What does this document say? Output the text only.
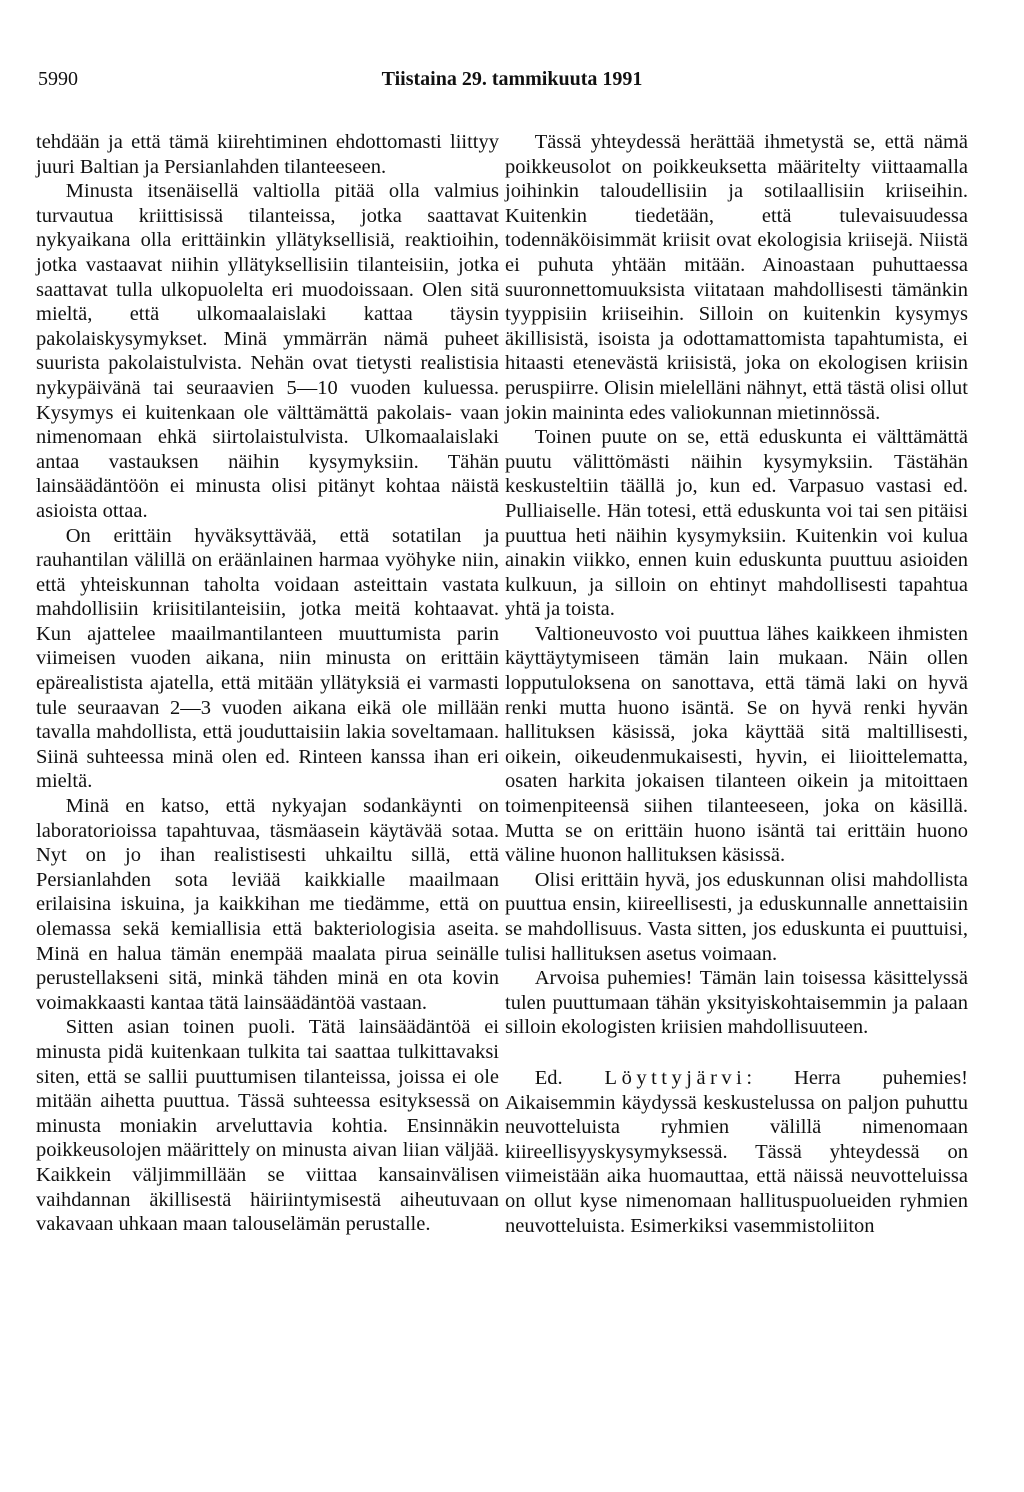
5990	Tiistaina 29. tammikuuta 1991

tehdään ja että tämä kiirehtiminen ehdottomasti liittyy juuri Baltian ja Persianlahden tilanteeseen.

Minusta itsenäisellä valtiolla pitää olla valmius turvautua kriittisissä tilanteissa, jotka saattavat nykyaikana olla erittäinkin yllätyksellisiä, reaktioihin, jotka vastaavat niihin yllätyksellisiin tilanteisiin, jotka saattavat tulla ulkopuolelta eri muodoissaan. Olen sitä mieltä, että ulkomaalaislaki kattaa täysin pakolaiskysymykset. Minä ymmärrän nämä puheet suurista pakolaistulvista. Nehän ovat tietysti realistisia nykypäivänä tai seuraavien 5—10 vuoden kuluessa. Kysymys ei kuitenkaan ole välttämättä pakolais- vaan nimenomaan ehkä siirtolaistulvista. Ulkomaalaislaki antaa vastauksen näihin kysymyksiin. Tähän lainsäädäntöön ei minusta olisi pitänyt kohtaa näistä asioista ottaa.

On erittäin hyväksyttävää, että sotatilan ja rauhantilan välillä on eräänlainen harmaa vyöhyke niin, että yhteiskunnan taholta voidaan asteittain vastata mahdollisiin kriisitilanteisiin, jotka meitä kohtaavat. Kun ajattelee maailmantilanteen muuttumista parin viimeisen vuoden aikana, niin minusta on erittäin epärealistista ajatella, että mitään yllätyksiä ei varmasti tule seuraavan 2—3 vuoden aikana eikä ole millään tavalla mahdollista, että jouduttaisiin lakia soveltamaan. Siinä suhteessa minä olen ed. Rinteen kanssa ihan eri mieltä.

Minä en katso, että nykyajan sodankäynti on laboratorioissa tapahtuvaa, täsmäasein käytävää sotaa. Nyt on jo ihan realistisesti uhkailtu sillä, että Persianlahden sota leviää kaikkialle maailmaan erilaisina iskuina, ja kaikkihan me tiedämme, että on olemassa sekä kemiallisia että bakteriologisia aseita. Minä en halua tämän enempää maalata pirua seinälle perustellakseni sitä, minkä tähden minä en ota kovin voimakkaasti kantaa tätä lainsäädäntöä vastaan.

Sitten asian toinen puoli. Tätä lainsäädäntöä ei minusta pidä kuitenkaan tulkita tai saattaa tulkittavaksi siten, että se sallii puuttumisen tilanteissa, joissa ei ole mitään aihetta puuttua. Tässä suhteessa esityksessä on minusta moniakin arveluttavia kohtia. Ensinnäkin poikkeusolojen määrittely on minusta aivan liian väljää. Kaikkein väljimmillään se viittaa kansainvälisen vaihdannan äkillisestä häiriintymisestä aiheutuvaan vakavaan uhkaan maan talouselämän perustalle.

Tässä yhteydessä herättää ihmetystä se, että nämä poikkeusolot on poikkeuksetta määritelty viittaamalla joihinkin taloudellisiin ja sotilaallisiin kriiseihin. Kuitenkin tiedetään, että tulevaisuudessa todennäköisimmät kriisit ovat ekologisia kriisejä. Niistä ei puhuta yhtään mitään. Ainoastaan puhuttaessa suuronnettomuuksista viitataan mahdollisesti tämänkin tyyppisiin kriiseihin. Silloin on kuitenkin kysymys äkillisistä, isoista ja odottamattomista tapahtumista, ei hitaasti etenevästä kriisistä, joka on ekologisen kriisin peruspiirre. Olisin mielelläni nähnyt, että tästä olisi ollut jokin maininta edes valiokunnan mietinnössä.

Toinen puute on se, että eduskunta ei välttämättä puutu välittömästi näihin kysymyksiin. Tästähän keskusteltiin täällä jo, kun ed. Varpasuo vastasi ed. Pulliaiselle. Hän totesi, että eduskunta voi tai sen pitäisi puuttua heti näihin kysymyksiin. Kuitenkin voi kulua ainakin viikko, ennen kuin eduskunta puuttuu asioiden kulkuun, ja silloin on ehtinyt mahdollisesti tapahtua yhtä ja toista.

Valtioneuvosto voi puuttua lähes kaikkeen ihmisten käyttäytymiseen tämän lain mukaan. Näin ollen lopputuloksena on sanottava, että tämä laki on hyvä renki mutta huono isäntä. Se on hyvä renki hyvän hallituksen käsissä, joka käyttää sitä maltillisesti, oikein, oikeudenmukaisesti, hyvin, ei liioittelematta, osaten harkita jokaisen tilanteen oikein ja mitoittaen toimenpiteensä siihen tilanteeseen, joka on käsillä. Mutta se on erittäin huono isäntä tai erittäin huono väline huonon hallituksen käsissä.

Olisi erittäin hyvä, jos eduskunnan olisi mahdollista puuttua ensin, kiireellisesti, ja eduskunnalle annettaisiin se mahdollisuus. Vasta sitten, jos eduskunta ei puuttuisi, tulisi hallituksen asetus voimaan.

Arvoisa puhemies! Tämän lain toisessa käsittelyssä tulen puuttumaan tähän yksityiskohtaisemmin ja palaan silloin ekologisten kriisien mahdollisuuteen.

Ed. Löyttyjärvi: Herra puhemies! Aikaisemmin käydyssä keskustelussa on paljon puhuttu neuvotteluista ryhmien välillä nimenomaan kiireellisyyskysymyksessä. Tässä yhteydessä on viimeistään aika huomauttaa, että näissä neuvotteluissa on ollut kyse nimenomaan hallituspuolueiden ryhmien neuvotteluista. Esimerkiksi vasemmistoliiton
